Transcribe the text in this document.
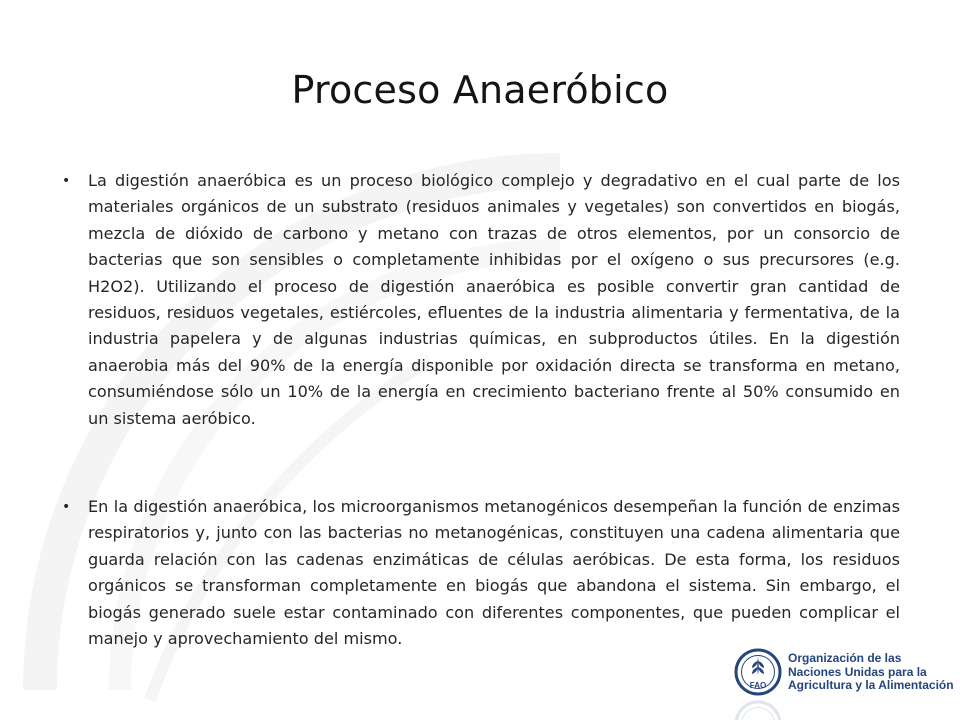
Proceso Anaeróbico
• La digestión anaeróbica es un proceso biológico complejo y degradativo en el cual parte de los materiales orgánicos de un substrato (residuos animales y vegetales) son convertidos en biogás, mezcla de dióxido de carbono y metano con trazas de otros elementos, por un consorcio de bacterias que son sensibles o completamente inhibidas por el oxígeno o sus precursores (e.g. H2O2). Utilizando el proceso de digestión anaeróbica es posible convertir gran cantidad de residuos, residuos vegetales, estiércoles, efluentes de la industria alimentaria y fermentativa, de la industria papelera y de algunas industrias químicas, en subproductos útiles. En la digestión anaerobia más del 90% de la energía disponible por oxidación directa se transforma en metano, consumiéndose sólo un 10% de la energía en crecimiento bacteriano frente al 50% consumido en un sistema aeróbico.
• En la digestión anaeróbica, los microorganismos metanogénicos desempeñan la función de enzimas respiratorios y, junto con las bacterias no metanogénicas, constituyen una cadena alimentaria que guarda relación con las cadenas enzimáticas de células aeróbicas. De esta forma, los residuos orgánicos se transforman completamente en biogás que abandona el sistema. Sin embargo, el biogás generado suele estar contaminado con diferentes componentes, que pueden complicar el manejo y aprovechamiento del mismo.
FAO
Organización de las
Naciones Unidas para la
Agricultura y la Alimentación
